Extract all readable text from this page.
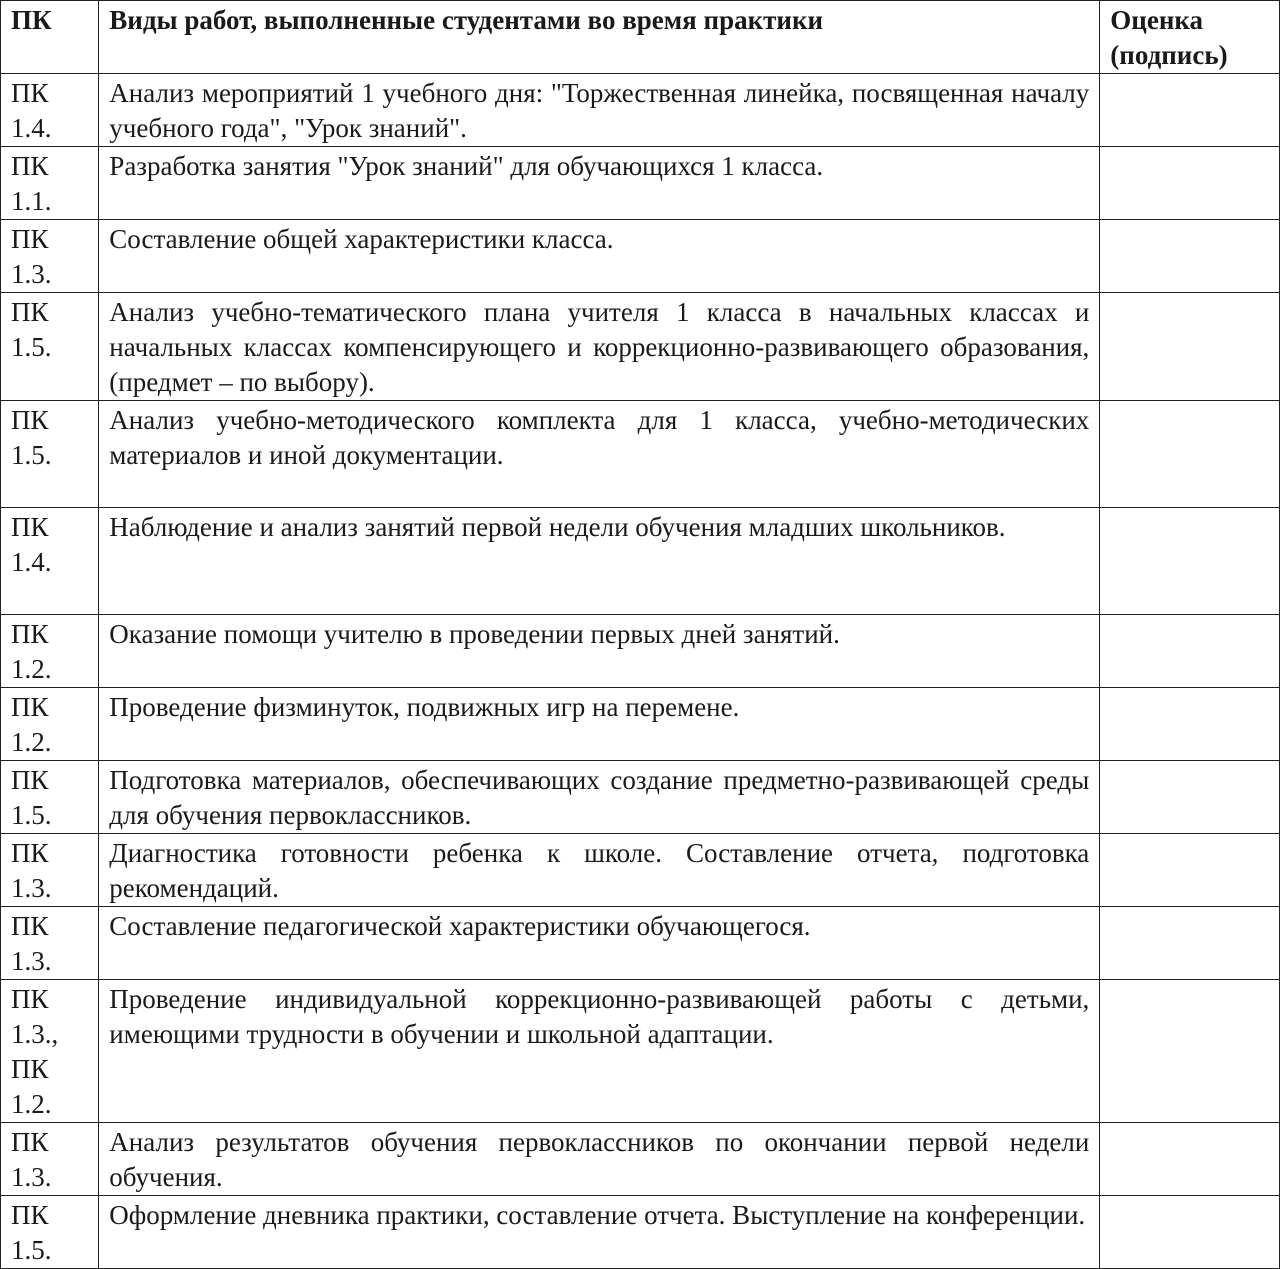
ПК	Виды работ, выполненные студентами во время практики	Оценка (подпись)
ПК 1.4.	Анализ мероприятий 1 учебного дня: "Торжественная линейка, посвященная началу учебного года", "Урок знаний".	
ПК 1.1.	Разработка занятия "Урок знаний" для обучающихся 1 класса.	
ПК 1.3.	Составление общей характеристики класса.	
ПК 1.5.	Анализ учебно-тематического плана учителя 1 класса в начальных классах и начальных классах компенсирующего и коррекционно-развивающего образования, (предмет – по выбору).	
ПК 1.5.	Анализ учебно-методического комплекта для 1 класса, учебно-методических материалов и иной документации.	
ПК 1.4.	Наблюдение и анализ занятий первой недели обучения младших школьников.	
ПК 1.2.	Оказание помощи учителю в проведении первых дней занятий.	
ПК 1.2.	Проведение физминуток, подвижных игр на перемене.	
ПК 1.5.	Подготовка материалов, обеспечивающих создание предметно-развивающей среды для обучения первоклассников.	
ПК 1.3.	Диагностика готовности ребенка к школе. Составление отчета, подготовка рекомендаций.	
ПК 1.3.	Составление педагогической характеристики обучающегося.	
ПК 1.3., ПК 1.2.	Проведение индивидуальной коррекционно-развивающей работы с детьми, имеющими трудности в обучении и школьной адаптации.	
ПК 1.3.	Анализ результатов обучения первоклассников по окончании первой недели обучения.	
ПК 1.5.	Оформление дневника практики, составление отчета. Выступление на конференции.	
